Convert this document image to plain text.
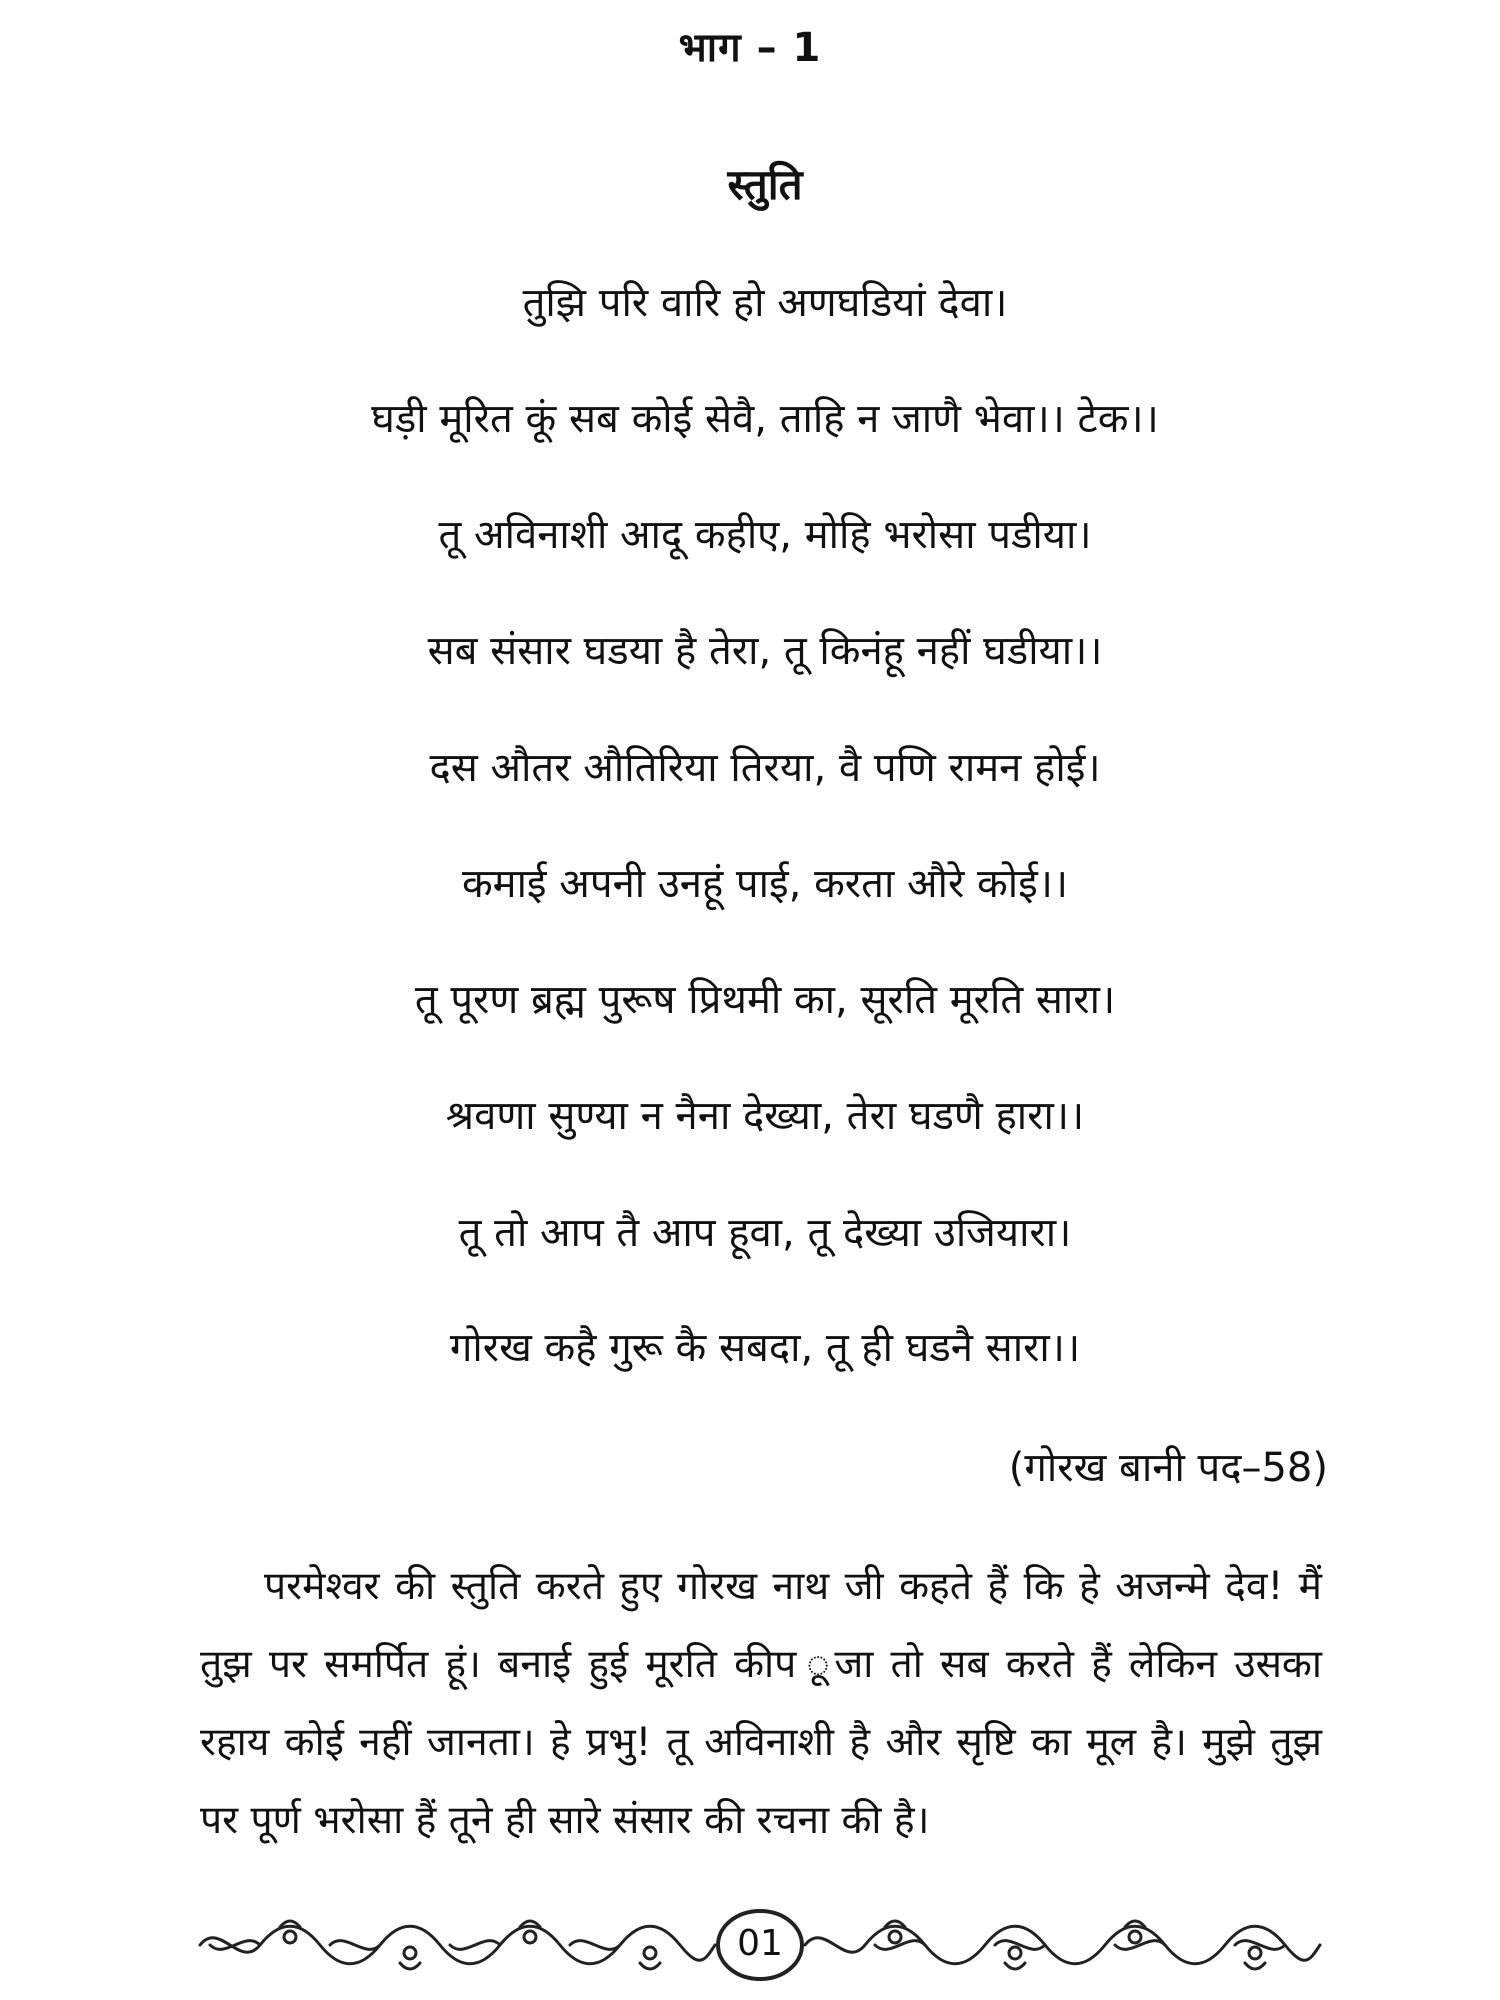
भाग – 1
स्तुति
तुझि परि वारि हो अणघडियां देवा।
घड़ी मूरित कूं सब कोई सेवै, ताहि न जाणै भेवा।। टेक।।
तू अविनाशी आदू कहीए, मोहि भरोसा पडीया।
सब संसार घडया है तेरा, तू किनंहू नहीं घडीया।।
दस औतर औतिरिया तिरया, वै पणि रामन होई।
कमाई अपनी उनहूं पाई, करता औरे कोई।।
तू पूरण ब्रह्म पुरूष प्रिथमी का, सूरति मूरति सारा।
श्रवणा सुण्या न नैना देख्या, तेरा घडणै हारा।।
तू तो आप तै आप हूवा, तू देख्या उजियारा।
गोरख कहै गुरू कै सबदा, तू ही घडनै सारा।।
(गोरख बानी पद–58)
परमेश्वर की स्तुति करते हुए गोरख नाथ जी कहते हैं कि हे अजन्मे देव! मैं तुझ पर समर्पित हूं। बनाई हुई मूरति कीप ूजा तो सब करते हैं लेकिन उसका रहाय कोई नहीं जानता। हे प्रभु! तू अविनाशी है और सृष्टि का मूल है। मुझे तुझ पर पूर्ण भरोसा हैं तूने ही सारे संसार की रचना की है।
01
